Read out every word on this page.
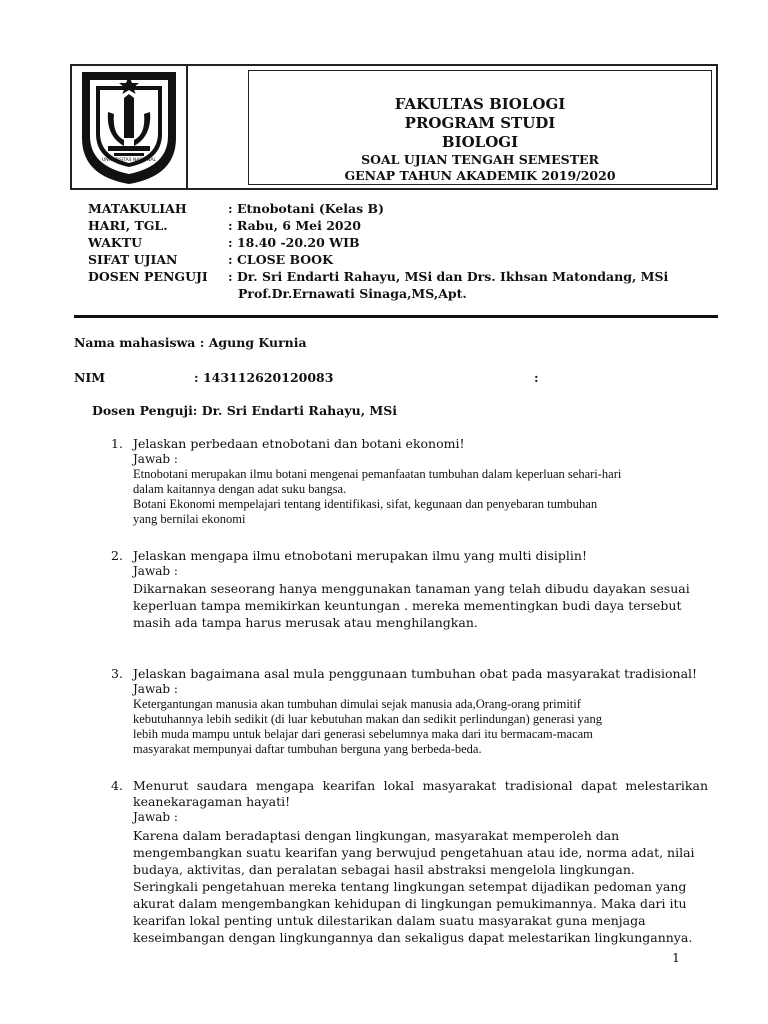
UNIVERSITAS NASIONAL
FAKULTAS BIOLOGI
PROGRAM STUDI
BIOLOGI
SOAL UJIAN TENGAH SEMESTER
GENAP TAHUN AKADEMIK 2019/2020
MATAKULIAH	: Etnobotani (Kelas B)
HARI, TGL.	: Rabu, 6 Mei 2020
WAKTU	: 18.40 -20.20 WIB
SIFAT UJIAN	: CLOSE BOOK
DOSEN PENGUJI : Dr. Sri Endarti Rahayu, MSi dan Drs. Ikhsan Matondang, MSi
Prof.Dr.Ernawati Sinaga,MS,Apt.
Nama mahasiswa : Agung Kurnia
NIM	: 143112620120083	:
Dosen Penguji: Dr. Sri Endarti Rahayu, MSi
1. Jelaskan perbedaan etnobotani dan botani ekonomi!
Jawab :
Etnobotani merupakan ilmu botani mengenai pemanfaatan tumbuhan dalam keperluan sehari-hari
dalam kaitannya dengan adat suku bangsa.
Botani Ekonomi mempelajari tentang identifikasi, sifat, kegunaan dan penyebaran tumbuhan
yang bernilai ekonomi
2. Jelaskan mengapa ilmu etnobotani merupakan ilmu yang multi disiplin!
Jawab :
Dikarnakan seseorang hanya menggunakan tanaman yang telah dibudu dayakan sesuai
keperluan tampa memikirkan keuntungan . mereka mementingkan budi daya tersebut
masih ada tampa harus merusak atau menghilangkan.
3. Jelaskan bagaimana asal mula penggunaan tumbuhan obat pada masyarakat tradisional!
Jawab :
Ketergantungan manusia akan tumbuhan dimulai sejak manusia ada,Orang-orang primitif
kebutuhannya lebih sedikit (di luar kebutuhan makan dan sedikit perlindungan) generasi yang
lebih muda mampu untuk belajar dari generasi sebelumnya maka dari itu bermacam-macam
masyarakat mempunyai daftar tumbuhan berguna yang berbeda-beda.
4. Menurut saudara mengapa kearifan lokal masyarakat tradisional dapat melestarikan
keanekaragaman hayati!
Jawab :
Karena dalam beradaptasi dengan lingkungan, masyarakat memperoleh dan
mengembangkan suatu kearifan yang berwujud pengetahuan atau ide, norma adat, nilai
budaya, aktivitas, dan peralatan sebagai hasil abstraksi mengelola lingkungan.
Seringkali pengetahuan mereka tentang lingkungan setempat dijadikan pedoman yang
akurat dalam mengembangkan kehidupan di lingkungan pemukimannya. Maka dari itu
kearifan lokal penting untuk dilestarikan dalam suatu masyarakat guna menjaga
keseimbangan dengan lingkungannya dan sekaligus dapat melestarikan lingkungannya.
1
